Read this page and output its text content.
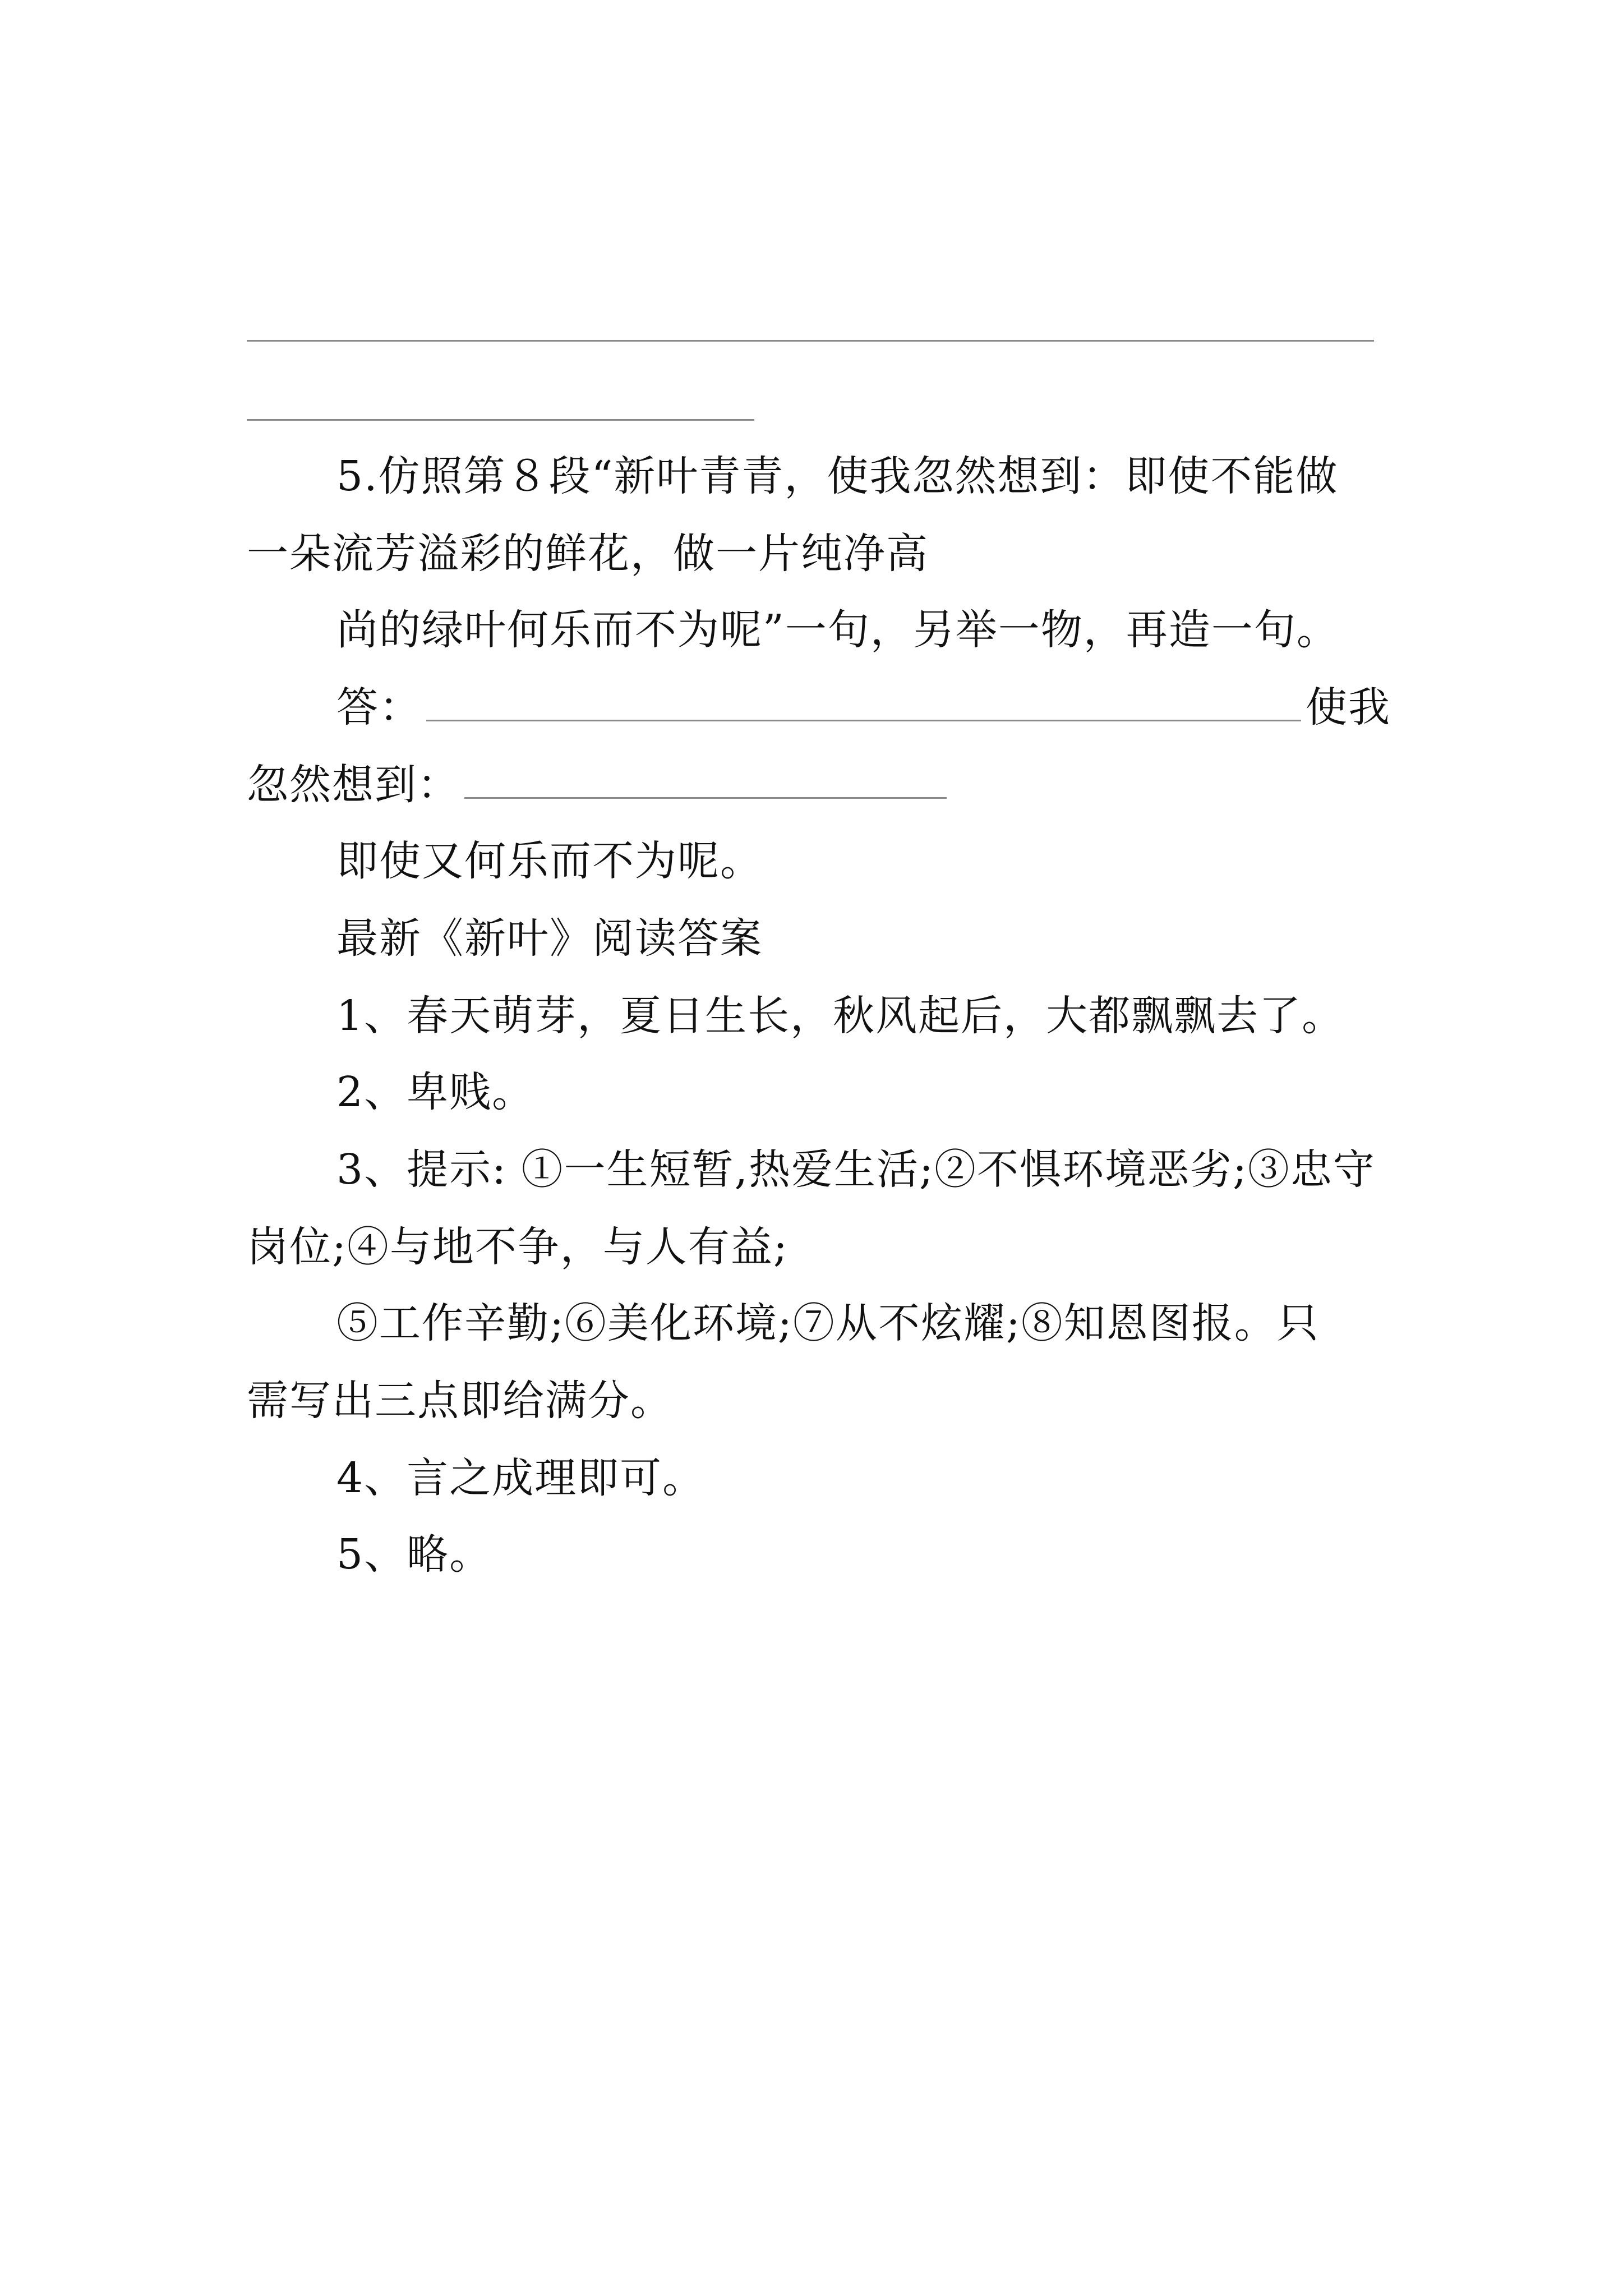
5.仿照第８段“新叶青青，使我忽然想到：即使不能做
一朵流芳溢彩的鲜花，做一片纯净高
尚的绿叶何乐而不为呢”一句，另举一物，再造一句。
答：	使我
忽然想到：
即使又何乐而不为呢。
最新《新叶》阅读答案
1、春天萌芽，夏日生长，秋风起后，大都飘飘去了。
2、卑贱。
3、提示: ①一生短暂,热爱生活;②不惧环境恶劣;③忠守
岗位;④与地不争，与人有益;
⑤工作辛勤;⑥美化环境;⑦从不炫耀;⑧知恩图报。只
需写出三点即给满分。
4、言之成理即可。
5、略。
